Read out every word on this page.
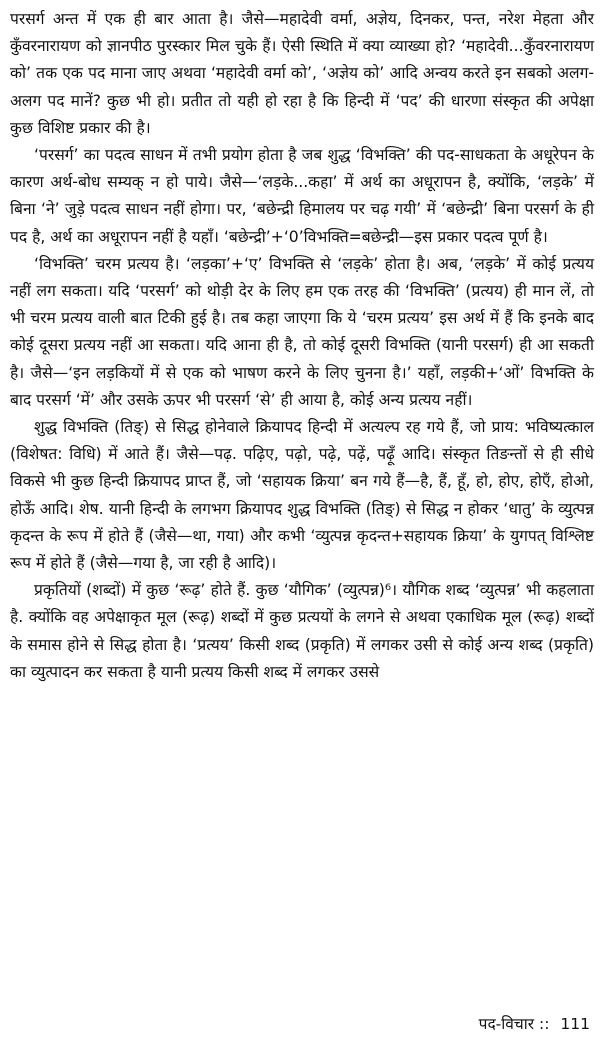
परसर्ग अन्त में एक ही बार आता है। जैसे—महादेवी वर्मा, अज्ञेय, दिनकर, पन्त, नरेश मेहता और कुँवरनारायण को ज्ञानपीठ पुरस्कार मिल चुके हैं। ऐसी स्थिति में क्या व्याख्या हो? ‘महादेवी...कुँवरनारायण को’ तक एक पद माना जाए अथवा ‘महादेवी वर्मा को’, ‘अज्ञेय को’ आदि अन्वय करते इन सबको अलग-अलग पद मानें? कुछ भी हो। प्रतीत तो यही हो रहा है कि हिन्दी में ‘पद’ की धारणा संस्कृत की अपेक्षा कुछ विशिष्ट प्रकार की है।

‘परसर्ग’ का पदत्व साधन में तभी प्रयोग होता है जब शुद्ध ‘विभक्ति’ की पद-साधकता के अधूरेपन के कारण अर्थ-बोध सम्यक् न हो पाये। जैसे—‘लड़के...कहा’ में अर्थ का अधूरापन है, क्योंकि, ‘लड़के’ में बिना ‘ने’ जुड़े पदत्व साधन नहीं होगा। पर, ‘बछेन्द्री हिमालय पर चढ़ गयी’ में ‘बछेन्द्री’ बिना परसर्ग के ही पद है, अर्थ का अधूरापन नहीं है यहाँ। ‘बछेन्द्री’+‘0’विभक्ति=बछेन्द्री—इस प्रकार पदत्व पूर्ण है।

‘विभक्ति’ चरम प्रत्यय है। ‘लड़का’+‘ए’ विभक्ति से ‘लड़के’ होता है। अब, ‘लड़के’ में कोई प्रत्यय नहीं लग सकता। यदि ‘परसर्ग’ को थोड़ी देर के लिए हम एक तरह की ‘विभक्ति’ (प्रत्यय) ही मान लें, तो भी चरम प्रत्यय वाली बात टिकी हुई है। तब कहा जाएगा कि ये ‘चरम प्रत्यय’ इस अर्थ में हैं कि इनके बाद कोई दूसरा प्रत्यय नहीं आ सकता। यदि आना ही है, तो कोई दूसरी विभक्ति (यानी परसर्ग) ही आ सकती है। जैसे—‘इन लड़कियों में से एक को भाषण करने के लिए चुनना है।’ यहाँ, लड़की+‘ओं’ विभक्ति के बाद परसर्ग ‘में’ और उसके ऊपर भी परसर्ग ‘से’ ही आया है, कोई अन्य प्रत्यय नहीं।

शुद्ध विभक्ति (तिङ्) से सिद्ध होनेवाले क्रियापद हिन्दी में अत्यल्प रह गये हैं, जो प्राय: भविष्यत्काल (विशेषत: विधि) में आते हैं। जैसे—पढ़. पढ़िए, पढ़ो, पढ़े, पढ़ें, पढ़ूँ आदि। संस्कृत तिङन्तों से ही सीधे विकसे भी कुछ हिन्दी क्रियापद प्राप्त हैं, जो ‘सहायक क्रिया’ बन गये हैं—है, हैं, हूँ, हो, होए, होएँ, होओ, होऊँ आदि। शेष. यानी हिन्दी के लगभग क्रियापद शुद्ध विभक्ति (तिङ्) से सिद्ध न होकर ‘धातु’ के व्युत्पन्न कृदन्त के रूप में होते हैं (जैसे—था, गया) और कभी ‘व्युत्पन्न कृदन्त+सहायक क्रिया’ के युगपत् विश्लिष्ट रूप में होते हैं (जैसे—गया है, जा रही है आदि)।

प्रकृतियों (शब्दों) में कुछ ‘रूढ़’ होते हैं. कुछ ‘यौगिक’ (व्युत्पन्न)⁶। यौगिक शब्द ‘व्युत्पन्न’ भी कहलाता है. क्योंकि वह अपेक्षाकृत मूल (रूढ़) शब्दों में कुछ प्रत्ययों के लगने से अथवा एकाधिक मूल (रूढ़) शब्दों के समास होने से सिद्ध होता है। ‘प्रत्यय’ किसी शब्द (प्रकृति) में लगकर उसी से कोई अन्य शब्द (प्रकृति) का व्युत्पादन कर सकता है यानी प्रत्यय किसी शब्द में लगकर उससे

पद-विचार :: 111
